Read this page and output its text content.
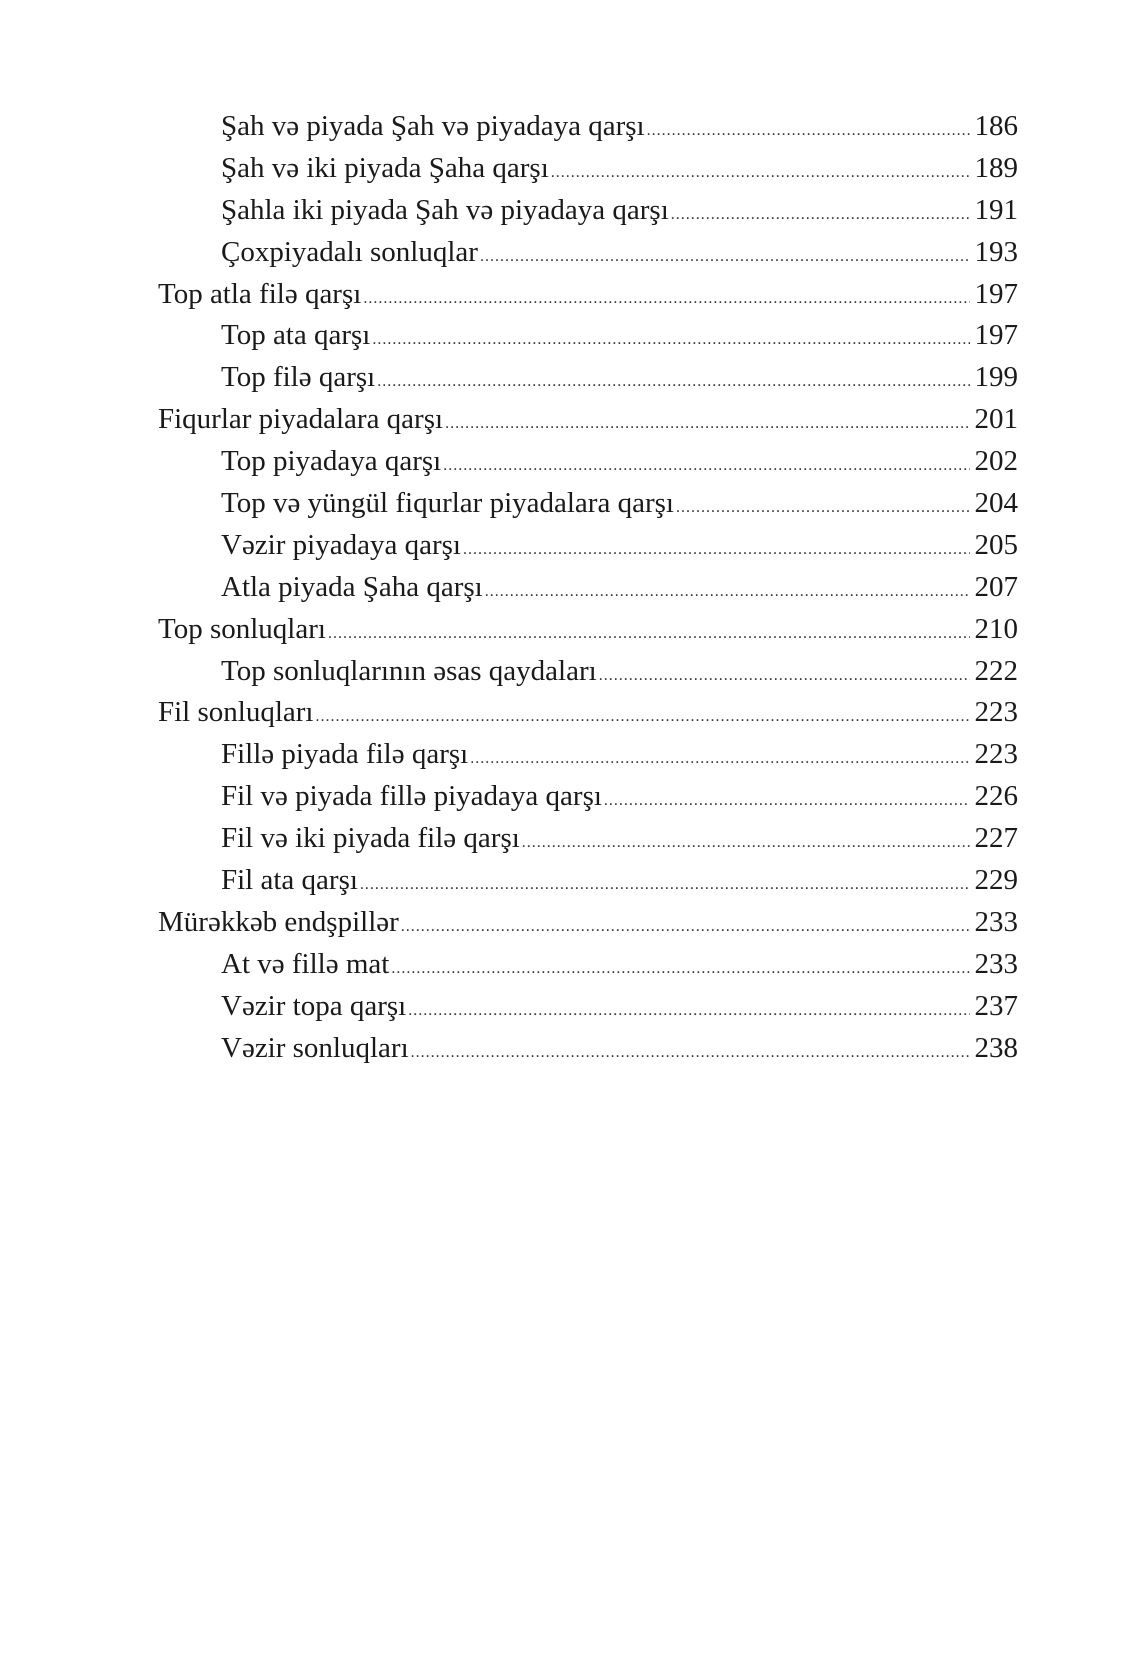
Şah və piyada Şah və piyadaya qarşı .....	186
Şah və iki piyada Şaha qarşı .....	189
Şahla iki piyada Şah və piyadaya qarşı .....	191
Çoxpiyadalı sonluqlar .....	193
Top atla filə qarşı .....	197
Top ata qarşı .....	197
Top filə qarşı .....	199
Fiqurlar piyadalara qarşı .....	201
Top piyadaya qarşı .....	202
Top və yüngül fiqurlar piyadalara qarşı .....	204
Vəzir piyadaya qarşı .....	205
Atla piyada Şaha qarşı .....	207
Top sonluqları .....	210
Top sonluqlarının əsas qaydaları .....	222
Fil sonluqları .....	223
Fillə piyada filə qarşı .....	223
Fil və piyada fillə piyadaya qarşı .....	226
Fil və iki piyada filə qarşı .....	227
Fil ata qarşı .....	229
Mürəkkəb endşpillər .....	233
At və fillə mat .....	233
Vəzir topa qarşı .....	237
Vəzir sonluqları .....	238
